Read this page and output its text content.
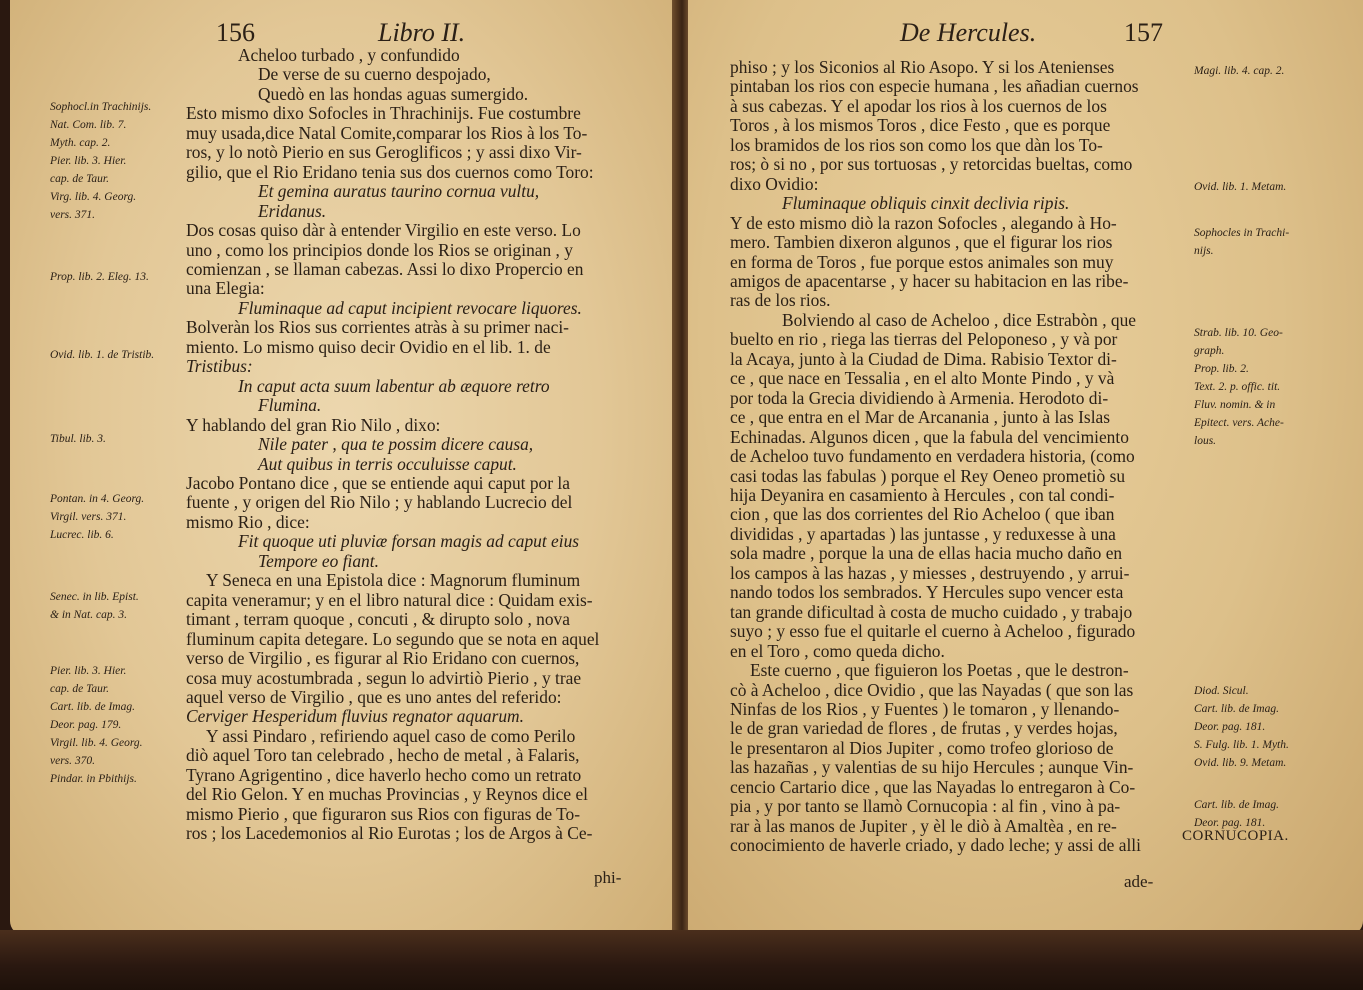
156	Libro II.
Sophocl.in Trachinijs.
Nat. Com. lib. 7.
Myth. cap. 2.
Pier. lib. 3. Hier.
cap. de Taur.
Virg. lib. 4. Georg.
vers. 371.
Prop. lib. 2. Eleg. 13.
Ovid. lib. 1. de Tristib.
Tibul. lib. 3.
Pontan. in 4. Georg.
Virgil. vers. 371.
Lucrec. lib. 6.
Senec. in lib. Epist.
& in Nat. cap. 3.
Pier. lib. 3. Hier.
cap. de Taur.
Cart. lib. de Imag.
Deor. pag. 179.
Virgil. lib. 4. Georg.
vers. 370.
Pindar. in Pbithijs.
Acheloo turbado , y confundido
De verse de su cuerno despojado,
Quedò en las hondas aguas sumergido.
Esto mismo dixo Sofocles in Thrachinijs. Fue costumbre
muy usada,dice Natal Comite,comparar los Rios à los To-
ros, y lo notò Pierio en sus Geroglificos ; y assi dixo Vir-
gilio, que el Rio Eridano tenia sus dos cuernos como Toro:
Et gemina auratus taurino cornua vultu,
Eridanus.
Dos cosas quiso dàr à entender Virgilio en este verso. Lo
uno , como los principios donde los Rios se originan , y
comienzan , se llaman cabezas. Assi lo dixo Propercio en
una Elegia:
Fluminaque ad caput incipient revocare liquores.
Bolveràn los Rios sus corrientes atràs à su primer naci-
miento. Lo mismo quiso decir Ovidio en el lib. 1. de
Tristibus:
In caput acta suum labentur ab æquore retro
Flumina.
Y hablando del gran Rio Nilo , dixo:
Nile pater , qua te possim dicere causa,
Aut quibus in terris occuluisse caput.
Jacobo Pontano dice , que se entiende aqui caput por la
fuente , y origen del Rio Nilo ; y hablando Lucrecio del
mismo Rio , dice:
Fit quoque uti pluviæ forsan magis ad caput eius
Tempore eo fiant.
Y Seneca en una Epistola dice : Magnorum fluminum
capita veneramur; y en el libro natural dice : Quidam exis-
timant , terram quoque , concuti , & dirupto solo , nova
fluminum capita detegare. Lo segundo que se nota en aquel
verso de Virgilio , es figurar al Rio Eridano con cuernos,
cosa muy acostumbrada , segun lo advirtiò Pierio , y trae
aquel verso de Virgilio , que es uno antes del referido:
Cerviger Hesperidum fluvius regnator aquarum.
Y assi Pindaro , refiriendo aquel caso de como Perilo
diò aquel Toro tan celebrado , hecho de metal , à Falaris,
Tyrano Agrigentino , dice haverlo hecho como un retrato
del Rio Gelon. Y en muchas Provincias , y Reynos dice el
mismo Pierio , que figuraron sus Rios con figuras de To-
ros ; los Lacedemonios al Rio Eurotas ; los de Argos à Ce-
phi-
De Hercules.	157
phiso ; y los Siconios al Rio Asopo. Y si los Atenienses
pintaban los rios con especie humana , les añadian cuernos
à sus cabezas. Y el apodar los rios à los cuernos de los
Toros , à los mismos Toros , dice Festo , que es porque
los bramidos de los rios son como los que dàn los To-
ros; ò si no , por sus tortuosas , y retorcidas bueltas, como
dixo Ovidio:
Fluminaque obliquis cinxit declivia ripis.
Y de esto mismo diò la razon Sofocles , alegando à Ho-
mero. Tambien dixeron algunos , que el figurar los rios
en forma de Toros , fue porque estos animales son muy
amigos de apacentarse , y hacer su habitacion en las ribe-
ras de los rios.
Bolviendo al caso de Acheloo , dice Estrabòn , que
buelto en rio , riega las tierras del Peloponeso , y và por
la Acaya, junto à la Ciudad de Dima. Rabisio Textor di-
ce , que nace en Tessalia , en el alto Monte Pindo , y và
por toda la Grecia dividiendo à Armenia. Herodoto di-
ce , que entra en el Mar de Arcanania , junto à las Islas
Echinadas. Algunos dicen , que la fabula del vencimiento
de Acheloo tuvo fundamento en verdadera historia, (como
casi todas las fabulas ) porque el Rey Oeneo prometiò su
hija Deyanira en casamiento à Hercules , con tal condi-
cion , que las dos corrientes del Rio Acheloo ( que iban
divididas , y apartadas ) las juntasse , y reduxesse à una
sola madre , porque la una de ellas hacia mucho daño en
los campos à las hazas , y miesses , destruyendo , y arrui-
nando todos los sembrados. Y Hercules supo vencer esta
tan grande dificultad à costa de mucho cuidado , y trabajo
suyo ; y esso fue el quitarle el cuerno à Acheloo , figurado
en el Toro , como queda dicho.
Este cuerno , que figuieron los Poetas , que le destron-
cò à Acheloo , dice Ovidio , que las Nayadas ( que son las
Ninfas de los Rios , y Fuentes ) le tomaron , y llenando-
le de gran variedad de flores , de frutas , y verdes hojas,
le presentaron al Dios Jupiter , como trofeo glorioso de
las hazañas , y valentias de su hijo Hercules ; aunque Vin-
cencio Cartario dice , que las Nayadas lo entregaron à Co-
pia , y por tanto se llamò Cornucopia : al fin , vino à pa-
rar à las manos de Jupiter , y èl le diò à Amaltèa , en re-
conocimiento de haverle criado, y dado leche; y assi de alli
Magi. lib. 4. cap. 2.
Ovid. lib. 1. Metam.
Sophocles in Trachi-
nijs.
Strab. lib. 10. Geo-
graph.
Prop. lib. 2.
Text. 2. p. offic. tit.
Fluv. nomin. & in
Epitect. vers. Ache-
lous.
Diod. Sicul.
Cart. lib. de Imag.
Deor. pag. 181.
S. Fulg. lib. 1. Myth.
Ovid. lib. 9. Metam.
Cart. lib. de Imag.
Deor. pag. 181.
CORNUCOPIA.
ade-
